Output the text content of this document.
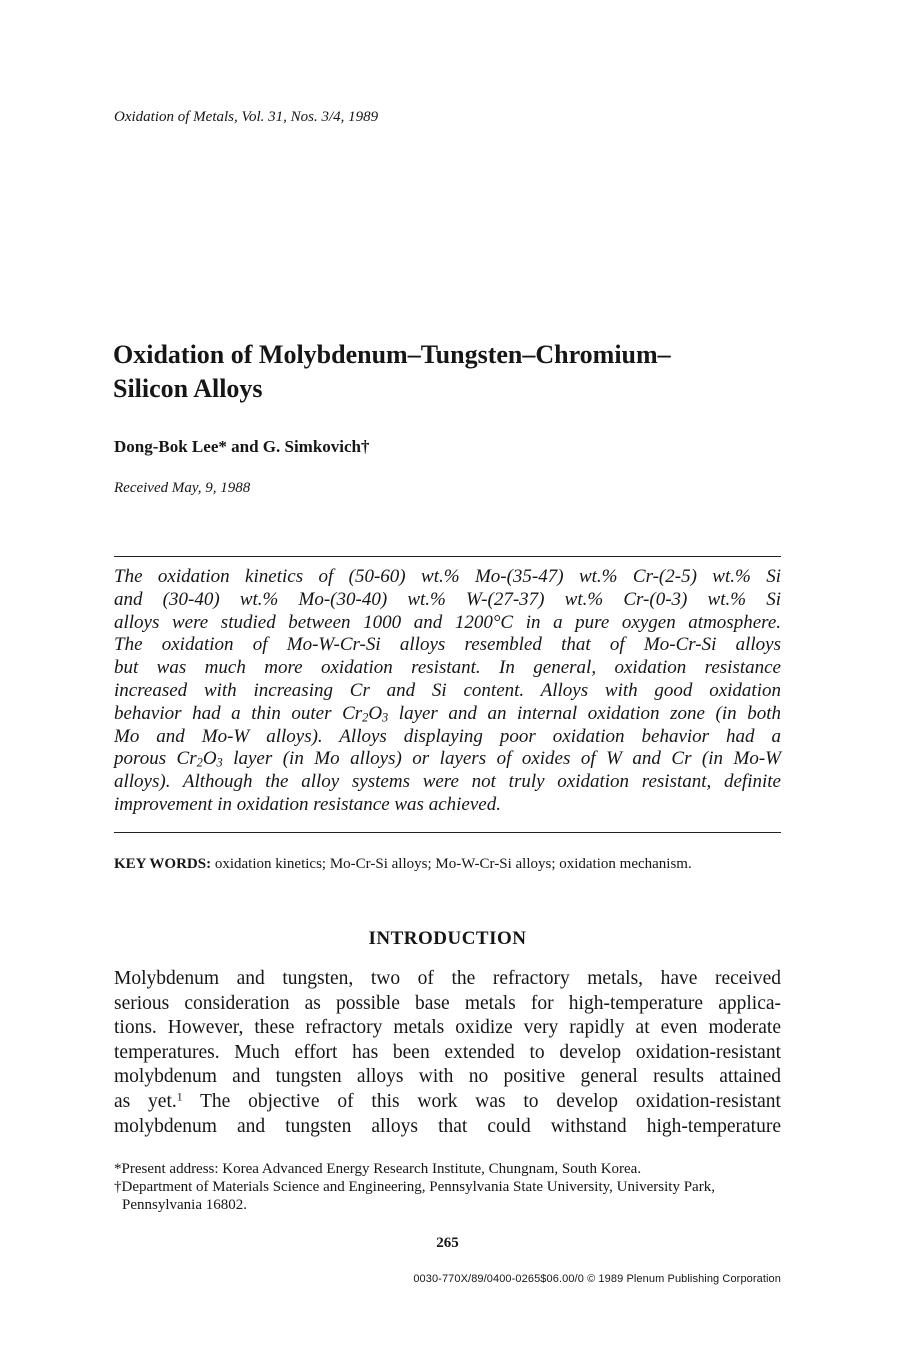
Oxidation of Metals, Vol. 31, Nos. 3/4, 1989
Oxidation of Molybdenum–Tungsten–Chromium–
Silicon Alloys
Dong-Bok Lee* and G. Simkovich†
Received May, 9, 1988
The oxidation kinetics of (50-60) wt.% Mo-(35-47) wt.% Cr-(2-5) wt.% Si
and (30-40) wt.% Mo-(30-40) wt.% W-(27-37) wt.% Cr-(0-3) wt.% Si
alloys were studied between 1000 and 1200°C in a pure oxygen atmosphere.
The oxidation of Mo-W-Cr-Si alloys resembled that of Mo-Cr-Si alloys
but was much more oxidation resistant. In general, oxidation resistance
increased with increasing Cr and Si content. Alloys with good oxidation
behavior had a thin outer $Cr_2O_3$ layer and an internal oxidation zone (in both
Mo and Mo-W alloys). Alloys displaying poor oxidation behavior had a
porous $Cr_2O_3$ layer (in Mo alloys) or layers of oxides of W and Cr (in Mo-W
alloys). Although the alloy systems were not truly oxidation resistant, definite
improvement in oxidation resistance was achieved.
KEY WORDS: oxidation kinetics; Mo-Cr-Si alloys; Mo-W-Cr-Si alloys; oxidation mechanism.
INTRODUCTION
Molybdenum and tungsten, two of the refractory metals, have received
serious consideration as possible base metals for high-temperature applica-
tions. However, these refractory metals oxidize very rapidly at even moderate
temperatures. Much effort has been extended to develop oxidation-resistant
molybdenum and tungsten alloys with no positive general results attained
as yet.$^1$ The objective of this work was to develop oxidation-resistant
molybdenum and tungsten alloys that could withstand high-temperature
*Present address: Korea Advanced Energy Research Institute, Chungnam, South Korea.
†Department of Materials Science and Engineering, Pennsylvania State University, University Park, Pennsylvania 16802.
265
0030-770X/89/0400-0265$06.00/0 © 1989 Plenum Publishing Corporation
